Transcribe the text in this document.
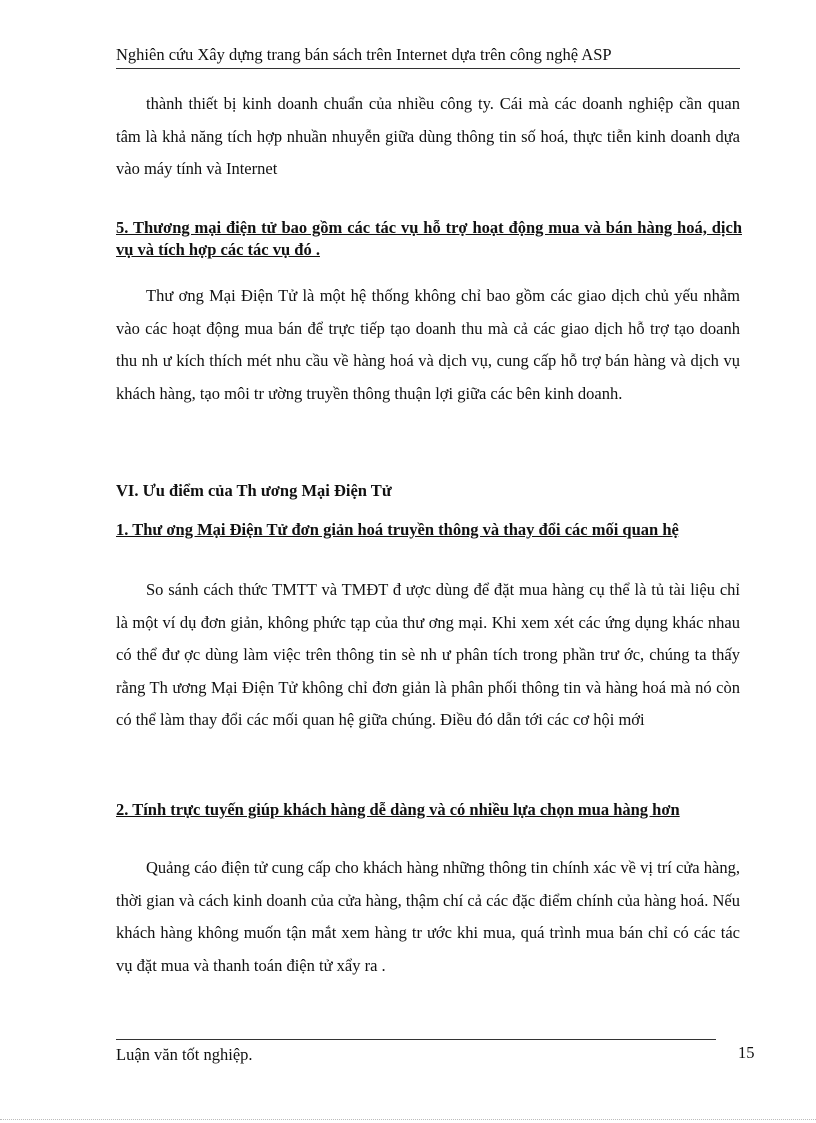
Nghiên cứu Xây dựng trang bán sách trên Internet dựa trên công nghệ ASP
thành thiết bị kinh doanh chuẩn của nhiều công ty. Cái mà các doanh nghiệp cần quan tâm là khả năng tích hợp nhuần nhuyễn giữa dùng thông tin số hoá, thực tiễn kinh doanh dựa vào máy tính và Internet
5. Thương mại điện tử bao gồm các tác vụ hỗ trợ hoạt động mua và bán hàng hoá, dịch vụ và tích hợp các tác vụ đó .
Thư ơng Mại Điện Tử là một hệ thống không chỉ bao gồm các giao dịch chủ yếu nhằm vào các hoạt động mua bán để trực tiếp tạo doanh thu mà cả các giao dịch hỗ trợ tạo doanh thu nh ư kích thích mét nhu cầu về hàng hoá và dịch vụ, cung cấp hỗ trợ bán hàng và dịch vụ khách hàng, tạo môi tr ường truyền thông thuận lợi giữa các bên kinh doanh.
VI. Ưu điểm của Th ương Mại Điện Tử
1. Thư ơng Mại Điện Tử đơn giản hoá truyền thông và thay đổi các mối quan hệ
So sánh cách thức TMTT và TMĐT đ ược dùng để đặt mua hàng cụ thể là tủ tài liệu chỉ là một ví dụ đơn giản, không phức tạp của thư ơng mại. Khi xem xét các ứng dụng khác nhau có thể đư ợc dùng làm việc trên thông tin sè nh ư phân tích trong phần trư ớc, chúng ta thấy rằng Th ương Mại Điện Tử không chỉ đơn giản là phân phối thông tin và hàng hoá mà nó còn có thể làm thay đổi các mối quan hệ giữa chúng. Điều đó dẫn tới các cơ hội mới
2. Tính trực tuyến giúp khách hàng dễ dàng và có nhiều lựa chọn mua hàng hơn
Quảng cáo điện tử cung cấp cho khách hàng những thông tin chính xác về vị trí cửa hàng, thời gian và cách kinh doanh của cửa hàng, thậm chí cả các đặc điểm chính của hàng hoá. Nếu khách hàng không muốn tận mắt xem hàng tr ước khi mua, quá trình mua bán chỉ có các tác vụ đặt mua và thanh toán điện tử xẩy ra .
Luận văn tốt nghiệp.	15
